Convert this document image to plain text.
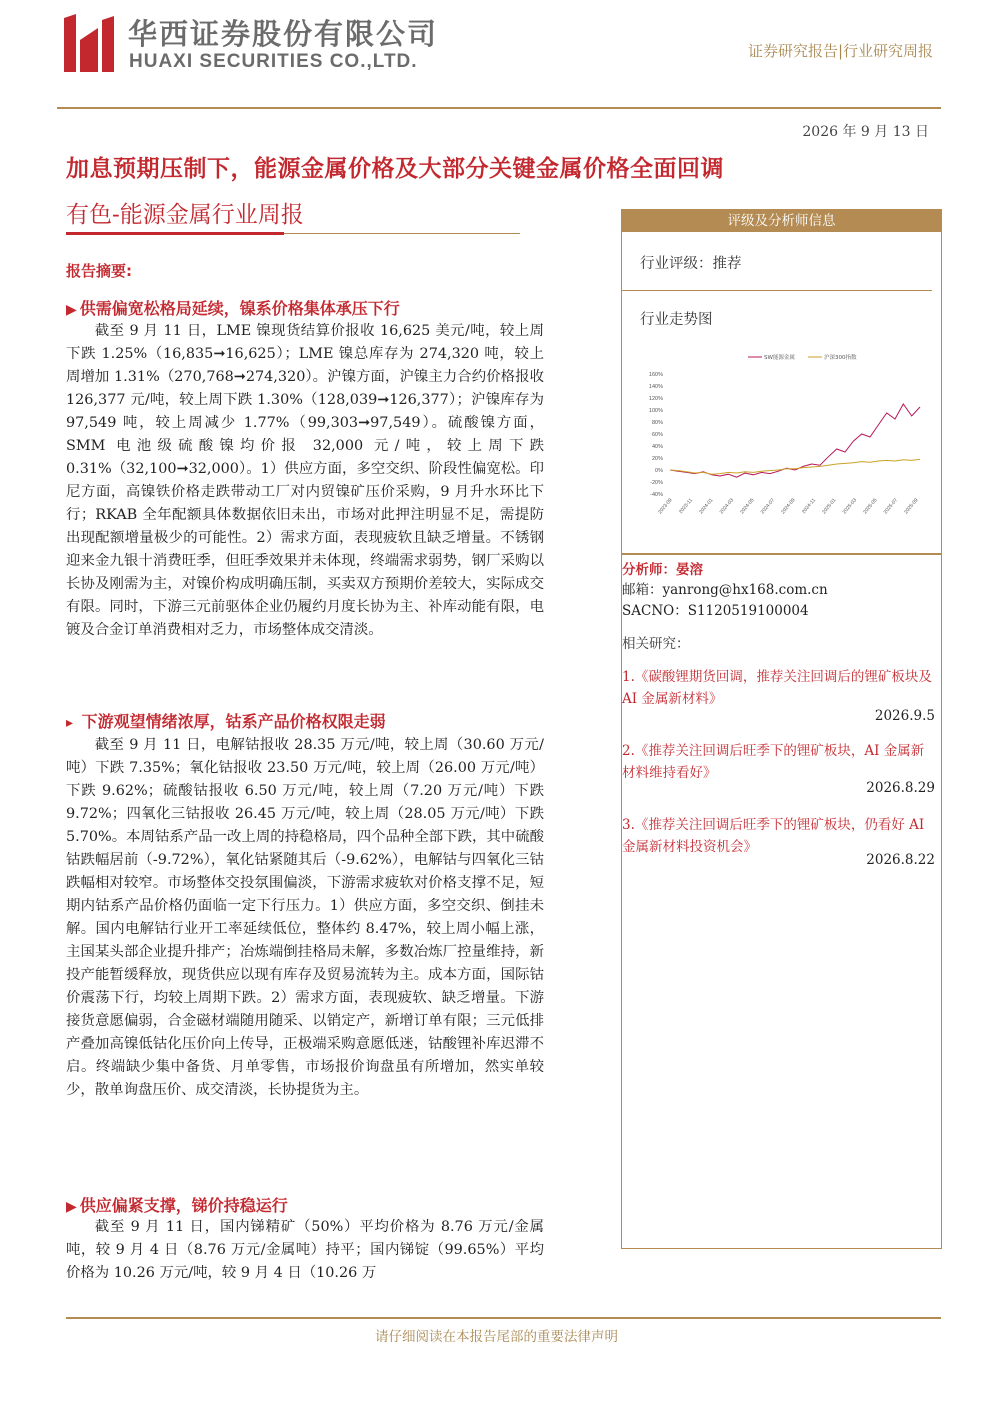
华西证券股份有限公司
HUAXI SECURITIES CO.,LTD.	证券研究报告|行业研究周报
2026 年 9 月 13 日
加息预期压制下，能源金属价格及大部分关键金属价格全面回调
有色-能源金属行业周报
报告摘要:
▶ 供需偏宽松格局延续，镍系价格集体承压下行

截至 9 月 11 日，LME 镍现货结算价报收 16,625 美元/吨，较上周下跌 1.25%（16,835➞16,625）；LME 镍总库存为 274,320 吨，较上周增加 1.31%（270,768➞274,320）。沪镍方面，沪镍主力合约价格报收 126,377 元/吨，较上周下跌 1.30%（128,039➞126,377）；沪镍库存为 97,549 吨，较上周减少 1.77%（99,303➞97,549）。硫酸镍方面，SMM 电池级硫酸镍均价报 32,000 元/吨，较上周下跌 0.31%（32,100➞32,000）。1）供应方面，多空交织、阶段性偏宽松。印尼方面，高镍铁价格走跌带动工厂对内贸镍矿压价采购，9 月升水环比下行；RKAB 全年配额具体数据依旧未出，市场对此押注明显不足，需提防出现配额增量极少的可能性。2）需求方面，表现疲软且缺乏增量。不锈钢迎来金九银十消费旺季，但旺季效果并未体现，终端需求弱势，钢厂采购以长协及刚需为主，对镍价构成明确压制，买卖双方预期价差较大，实际成交有限。同时，下游三元前驱体企业仍履约月度长协为主、补库动能有限，电镀及合金订单消费相对乏力，市场整体成交清淡。

▸ 下游观望情绪浓厚，钴系产品价格权限走弱

截至 9 月 11 日，电解钴报收 28.35 万元/吨，较上周（30.60 万元/吨）下跌 7.35%；氧化钴报收 23.50 万元/吨，较上周（26.00 万元/吨）下跌 9.62%；硫酸钴报收 6.50 万元/吨，较上周（7.20 万元/吨）下跌 9.72%；四氧化三钴报收 26.45 万元/吨，较上周（28.05 万元/吨）下跌 5.70%。本周钴系产品一改上周的持稳格局，四个品种全部下跌，其中硫酸钴跌幅居前（-9.72%），氧化钴紧随其后（-9.62%），电解钴与四氧化三钴跌幅相对较窄。市场整体交投氛围偏淡，下游需求疲软对价格支撑不足，短期内钴系产品价格仍面临一定下行压力。1）供应方面，多空交织、倒挂未解。国内电解钴行业开工率延续低位，整体约 8.47%，较上周小幅上涨，主国某头部企业提升排产；冶炼端倒挂格局未解，多数冶炼厂控量维持，新投产能暂缓释放，现货供应以现有库存及贸易流转为主。成本方面，国际钴价震荡下行，均较上周期下跌。2）需求方面，表现疲软、缺乏增量。下游接货意愿偏弱，合金磁材端随用随采、以销定产，新增订单有限；三元低排产叠加高镍低钴化压价向上传导，正极端采购意愿低迷，钴酸锂补库迟滞不启。终端缺少集中备货、月单零售，市场报价询盘虽有所增加，然实单较少，散单询盘压价、成交清淡，长协提货为主。

▶ 供应偏紧支撑，锑价持稳运行

截至 9 月 11 日，国内锑精矿（50%）平均价格为 8.76 万元/金属吨，较 9 月 4 日（8.76 万元/金属吨）持平；国内锑锭（99.65%）平均价格为 10.26 万元/吨，较 9 月 4 日（10.26 万

评级及分析师信息
行业评级：推荐
行业走势图
160%
140%
120%
100%
80%
60%
40%
20%
0%
-20%
-40%
2023-09 2023-11 2024-01 2024-03 2024-05 2024-07 2024-09 2024-11 2025-01 2025-03 2025-05 2025-07 2025-09
SW能源金属	沪深300指数
分析师：晏溶
邮箱：yanrong@hx168.com.cn
SACNO：S1120519100004
相关研究：
1.《碳酸锂期货回调，推荐关注回调后的锂矿板块及 AI 金属新材料》
2026.9.5
2.《推荐关注回调后旺季下的锂矿板块，AI 金属新材料维持看好》
2026.8.29
3.《推荐关注回调后旺季下的锂矿板块，仍看好 AI 金属新材料投资机会》
2026.8.22
请仔细阅读在本报告尾部的重要法律声明
